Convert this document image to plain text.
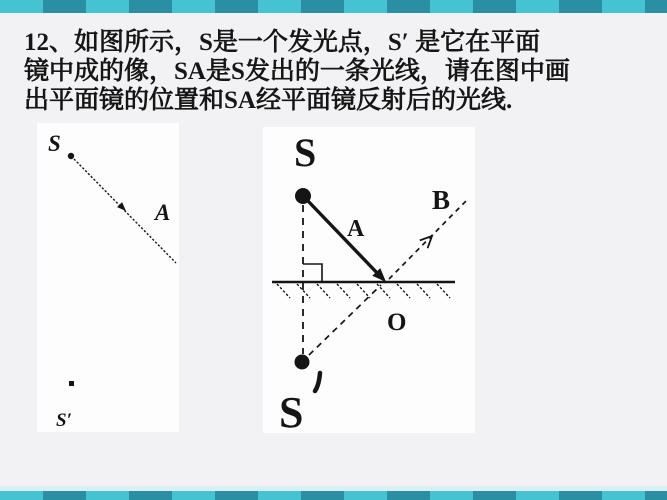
12、如图所示，S是一个发光点，S′ 是它在平面
镜中成的像，SA是S发出的一条光线，请在图中画
出平面镜的位置和SA经平面镜反射后的光线.
S
A
S′
S
A
B
O
S
